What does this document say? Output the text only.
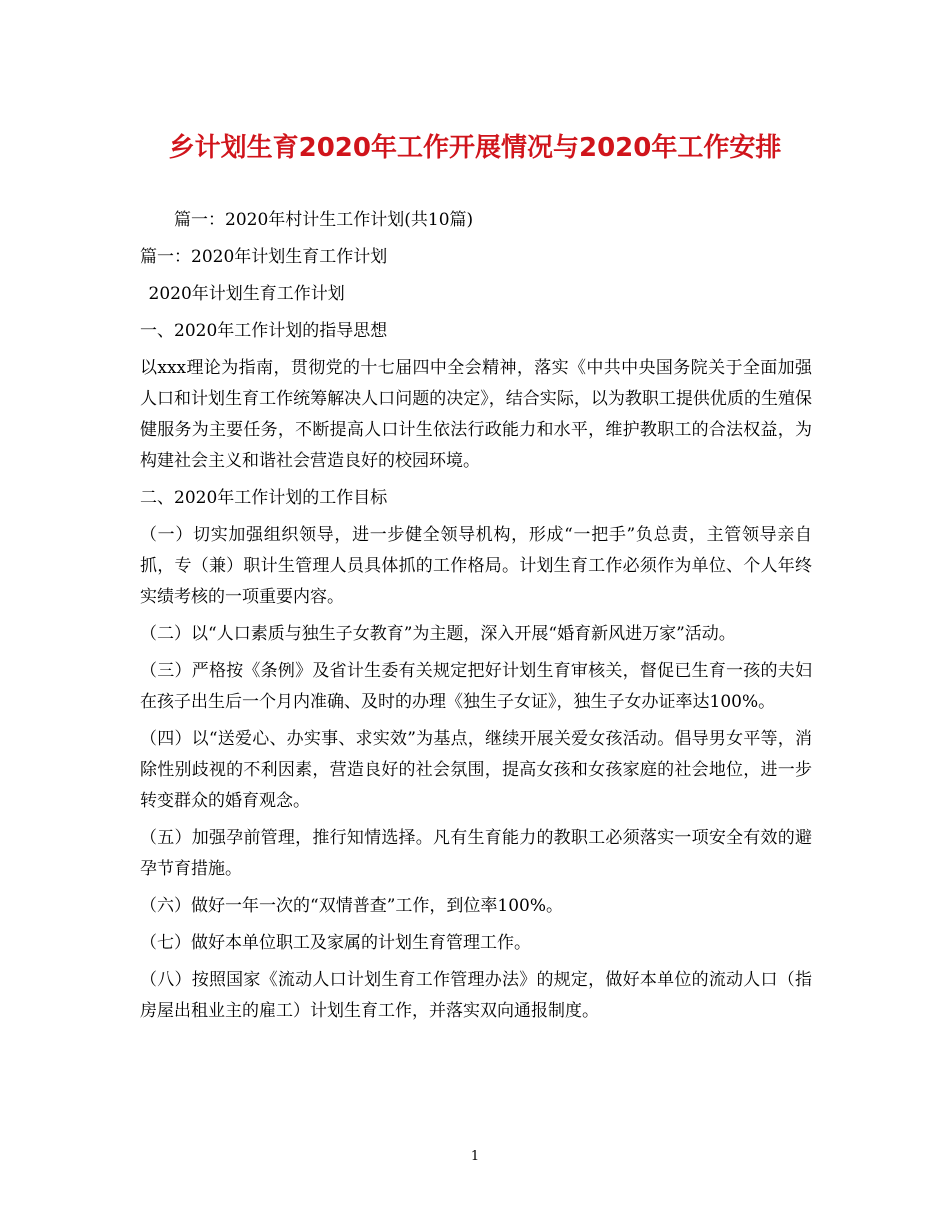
乡计划生育2020年工作开展情况与2020年工作安排

篇一：2020年村计生工作计划(共10篇)

篇一：2020年计划生育工作计划

2020年计划生育工作计划

一、2020年工作计划的指导思想

以xxx理论为指南，贯彻党的十七届四中全会精神，落实《中共中央国务院关于全面加强人口和计划生育工作统筹解决人口问题的决定》，结合实际，以为教职工提供优质的生殖保健服务为主要任务，不断提高人口计生依法行政能力和水平，维护教职工的合法权益，为构建社会主义和谐社会营造良好的校园环境。

二、2020年工作计划的工作目标

（一）切实加强组织领导，进一步健全领导机构，形成“一把手”负总责，主管领导亲自抓，专（兼）职计生管理人员具体抓的工作格局。计划生育工作必须作为单位、个人年终实绩考核的一项重要内容。

（二）以“人口素质与独生子女教育”为主题，深入开展“婚育新风进万家”活动。

（三）严格按《条例》及省计生委有关规定把好计划生育审核关，督促已生育一孩的夫妇在孩子出生后一个月内准确、及时的办理《独生子女证》，独生子女办证率达100%。

（四）以“送爱心、办实事、求实效”为基点，继续开展关爱女孩活动。倡导男女平等，消除性别歧视的不利因素，营造良好的社会氛围，提高女孩和女孩家庭的社会地位，进一步转变群众的婚育观念。

（五）加强孕前管理，推行知情选择。凡有生育能力的教职工必须落实一项安全有效的避孕节育措施。

（六）做好一年一次的“双情普查”工作，到位率100%。

（七）做好本单位职工及家属的计划生育管理工作。

（八）按照国家《流动人口计划生育工作管理办法》的规定，做好本单位的流动人口（指房屋出租业主的雇工）计划生育工作，并落实双向通报制度。

1
